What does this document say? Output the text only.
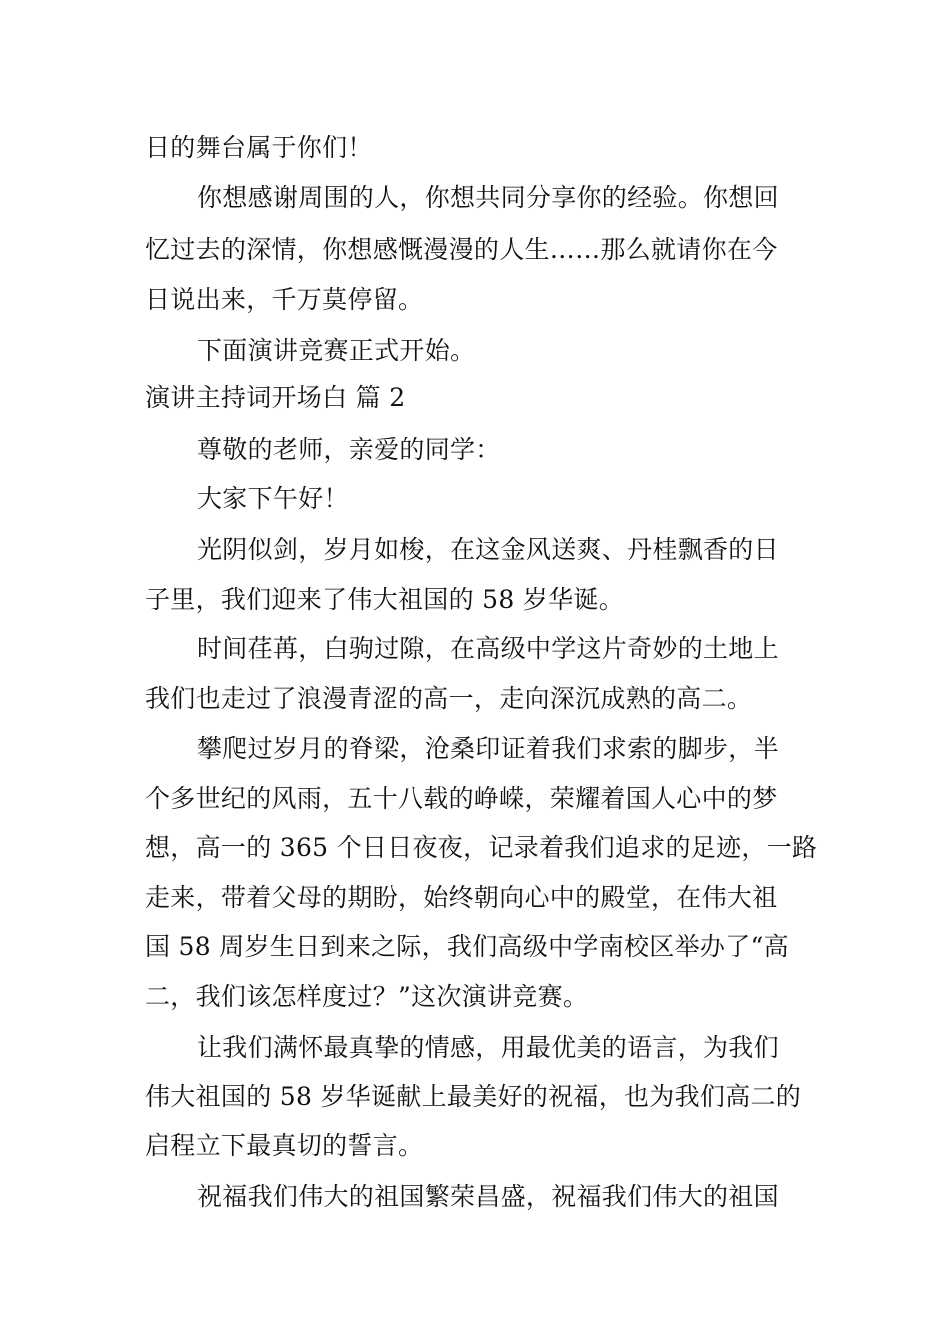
日的舞台属于你们！
你想感谢周围的人，你想共同分享你的经验。你想回
忆过去的深情，你想感慨漫漫的人生……那么就请你在今
日说出来，千万莫停留。
下面演讲竞赛正式开始。
演讲主持词开场白 篇 2
尊敬的老师，亲爱的同学：
大家下午好！
光阴似剑，岁月如梭，在这金风送爽、丹桂飘香的日
子里，我们迎来了伟大祖国的 58 岁华诞。
时间荏苒，白驹过隙，在高级中学这片奇妙的土地上
我们也走过了浪漫青涩的高一，走向深沉成熟的高二。
攀爬过岁月的脊梁，沧桑印证着我们求索的脚步，半
个多世纪的风雨，五十八载的峥嵘，荣耀着国人心中的梦
想，高一的 365 个日日夜夜，记录着我们追求的足迹，一路
走来，带着父母的期盼，始终朝向心中的殿堂，在伟大祖
国 58 周岁生日到来之际，我们高级中学南校区举办了“高
二，我们该怎样度过？”这次演讲竞赛。
让我们满怀最真挚的情感，用最优美的语言，为我们
伟大祖国的 58 岁华诞献上最美好的祝福，也为我们高二的
启程立下最真切的誓言。
祝福我们伟大的祖国繁荣昌盛，祝福我们伟大的祖国
